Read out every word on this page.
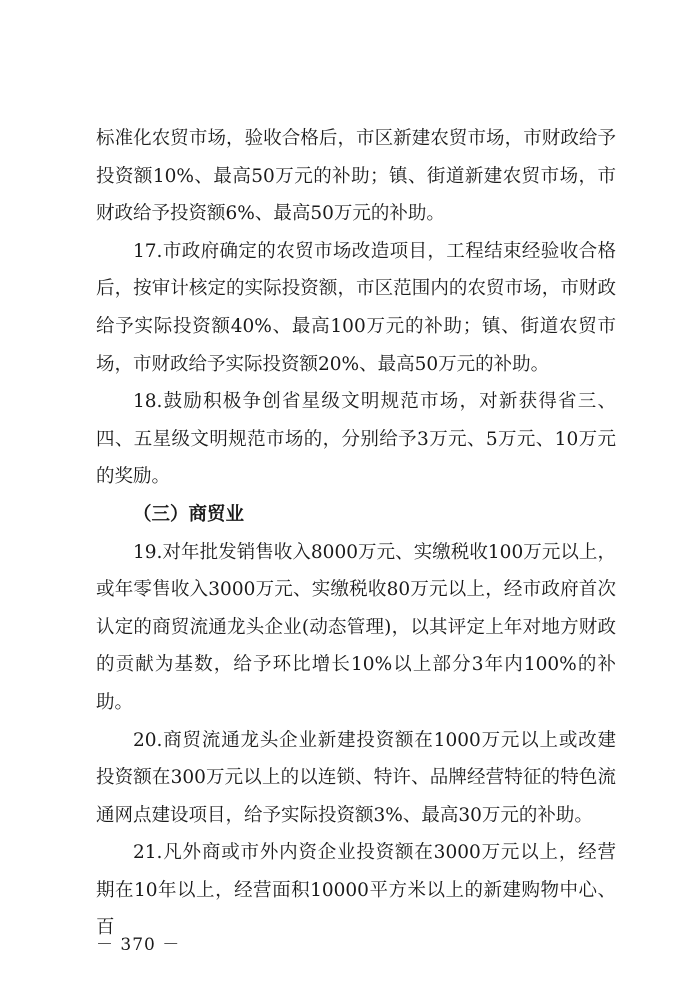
标准化农贸市场，验收合格后，市区新建农贸市场，市财政给予投资额10%、最高50万元的补助；镇、街道新建农贸市场，市财政给予投资额6%、最高50万元的补助。

17.市政府确定的农贸市场改造项目，工程结束经验收合格后，按审计核定的实际投资额，市区范围内的农贸市场，市财政给予实际投资额40%、最高100万元的补助；镇、街道农贸市场，市财政给予实际投资额20%、最高50万元的补助。

18.鼓励积极争创省星级文明规范市场，对新获得省三、四、五星级文明规范市场的，分别给予3万元、5万元、10万元的奖励。

（三）商贸业

19.对年批发销售收入8000万元、实缴税收100万元以上，或年零售收入3000万元、实缴税收80万元以上，经市政府首次认定的商贸流通龙头企业(动态管理)，以其评定上年对地方财政的贡献为基数，给予环比增长10%以上部分3年内100%的补助。

20.商贸流通龙头企业新建投资额在1000万元以上或改建投资额在300万元以上的以连锁、特许、品牌经营特征的特色流通网点建设项目，给予实际投资额3%、最高30万元的补助。

21.凡外商或市外内资企业投资额在3000万元以上，经营期在10年以上，经营面积10000平方米以上的新建购物中心、百

－ 370 －
